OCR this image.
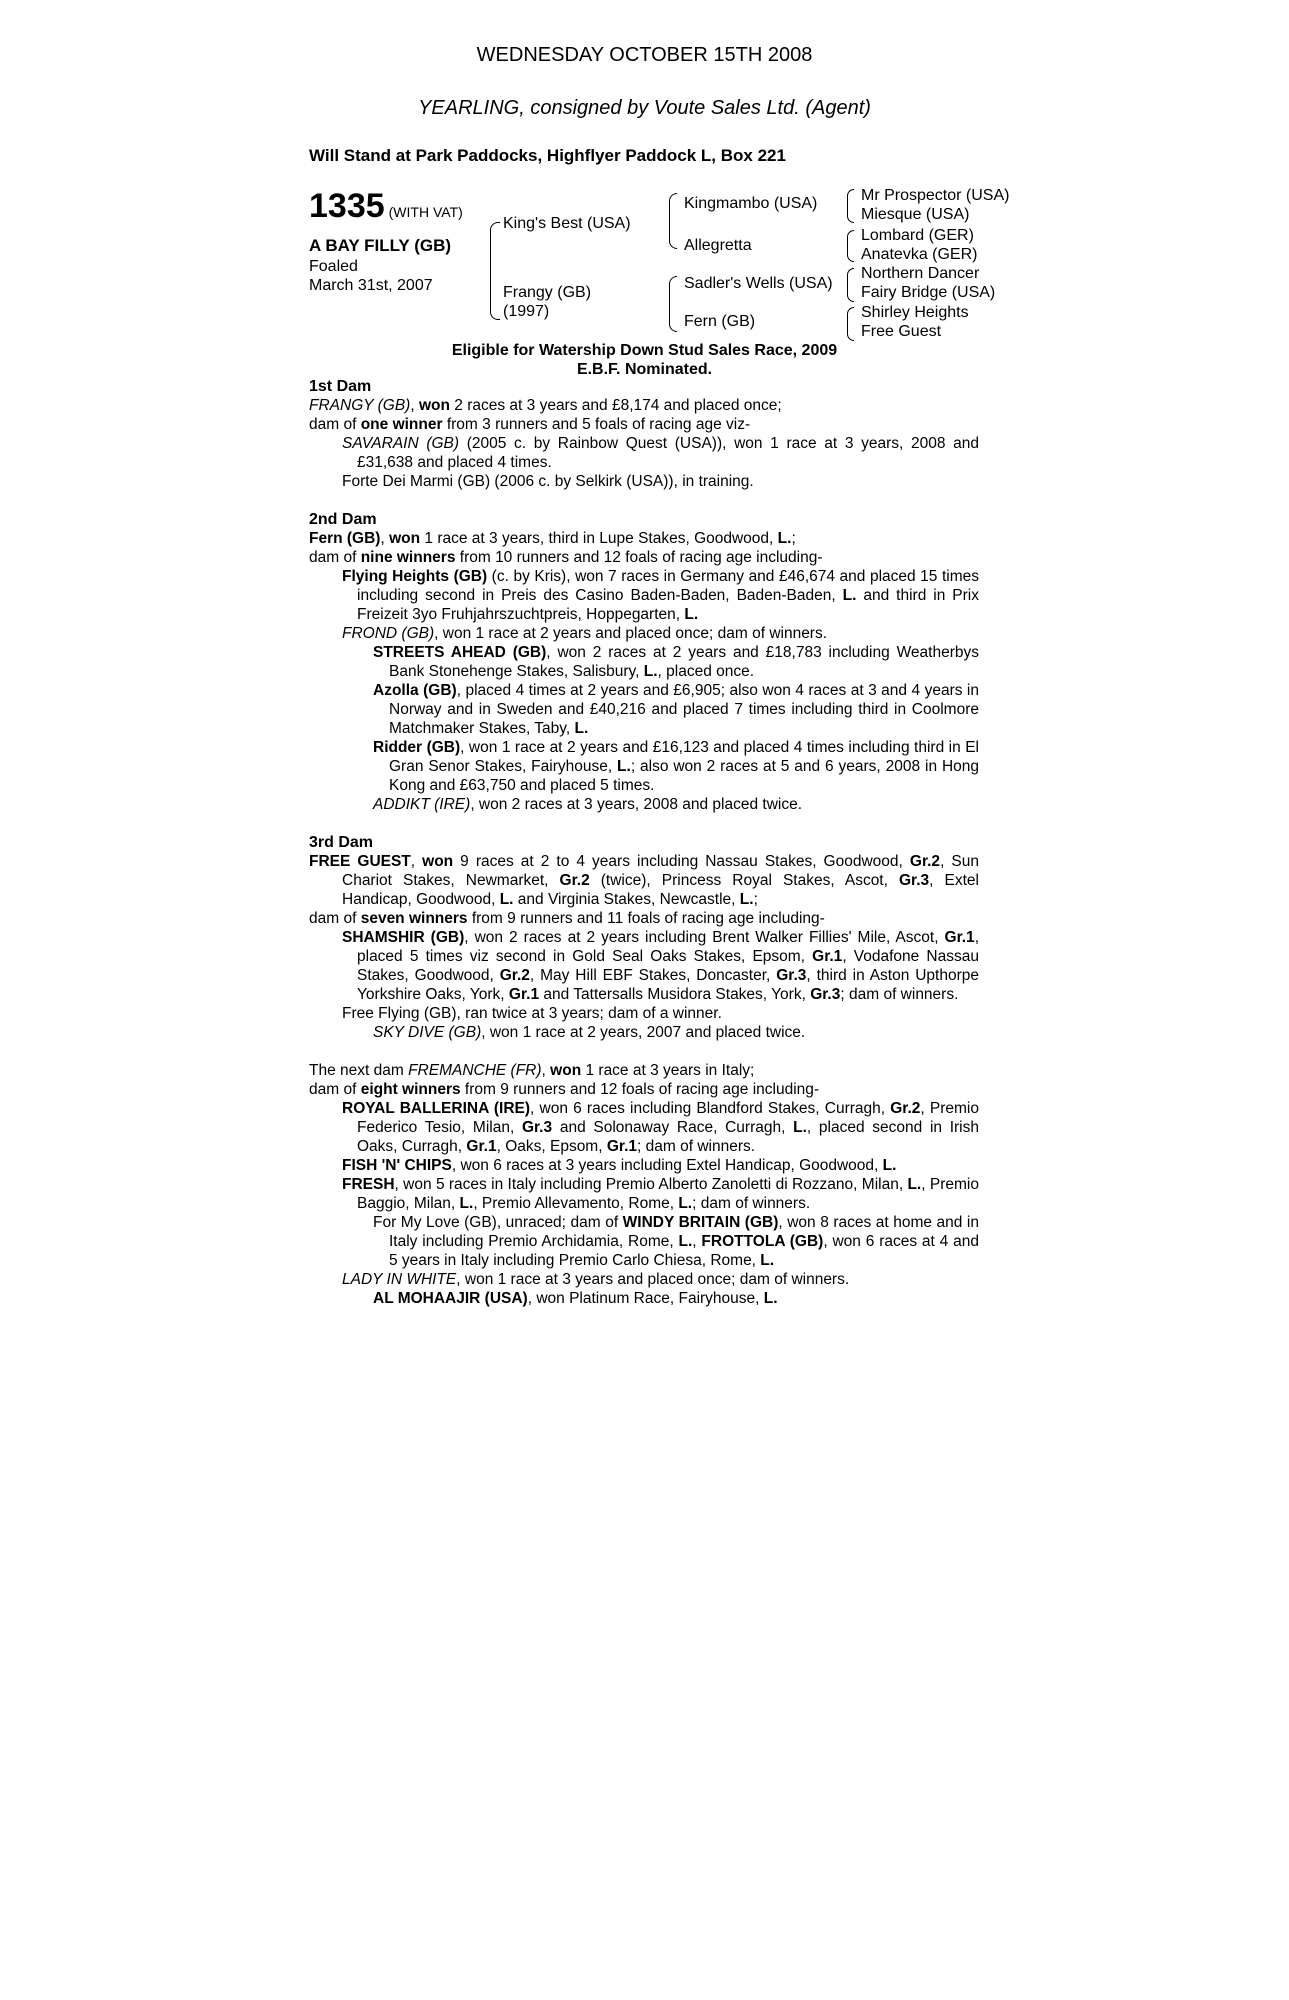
WEDNESDAY OCTOBER 15TH 2008
YEARLING, consigned by Voute Sales Ltd. (Agent)
Will Stand at Park Paddocks, Highflyer Paddock L, Box 221
1335 (WITH VAT)
A BAY FILLY (GB)
Foaled
March 31st, 2007
King's Best (USA)
Frangy (GB)
(1997)
Kingmambo (USA)
Allegretta
Sadler's Wells (USA)
Fern (GB)
Mr Prospector (USA)
Miesque (USA)
Lombard (GER)
Anatevka (GER)
Northern Dancer
Fairy Bridge (USA)
Shirley Heights
Free Guest
Eligible for Watership Down Stud Sales Race, 2009
E.B.F. Nominated.

1st Dam

FRANGY (GB), won 2 races at 3 years and £8,174 and placed once;

dam of one winner from 3 runners and 5 foals of racing age viz-

SAVARAIN (GB) (2005 c. by Rainbow Quest (USA)), won 1 race at 3 years, 2008 and £31,638 and placed 4 times.

Forte Dei Marmi (GB) (2006 c. by Selkirk (USA)), in training.

2nd Dam

Fern (GB), won 1 race at 3 years, third in Lupe Stakes, Goodwood, L.;

dam of nine winners from 10 runners and 12 foals of racing age including-

Flying Heights (GB) (c. by Kris), won 7 races in Germany and £46,674 and placed 15 times including second in Preis des Casino Baden-Baden, Baden-Baden, L. and third in Prix Freizeit 3yo Fruhjahrszuchtpreis, Hoppegarten, L.

FROND (GB), won 1 race at 2 years and placed once; dam of winners.

STREETS AHEAD (GB), won 2 races at 2 years and £18,783 including Weatherbys Bank Stonehenge Stakes, Salisbury, L., placed once.

Azolla (GB), placed 4 times at 2 years and £6,905; also won 4 races at 3 and 4 years in Norway and in Sweden and £40,216 and placed 7 times including third in Coolmore Matchmaker Stakes, Taby, L.

Ridder (GB), won 1 race at 2 years and £16,123 and placed 4 times including third in El Gran Senor Stakes, Fairyhouse, L.; also won 2 races at 5 and 6 years, 2008 in Hong Kong and £63,750 and placed 5 times.

ADDIKT (IRE), won 2 races at 3 years, 2008 and placed twice.

3rd Dam

FREE GUEST, won 9 races at 2 to 4 years including Nassau Stakes, Goodwood, Gr.2, Sun Chariot Stakes, Newmarket, Gr.2 (twice), Princess Royal Stakes, Ascot, Gr.3, Extel Handicap, Goodwood, L. and Virginia Stakes, Newcastle, L.;

dam of seven winners from 9 runners and 11 foals of racing age including-

SHAMSHIR (GB), won 2 races at 2 years including Brent Walker Fillies' Mile, Ascot, Gr.1, placed 5 times viz second in Gold Seal Oaks Stakes, Epsom, Gr.1, Vodafone Nassau Stakes, Goodwood, Gr.2, May Hill EBF Stakes, Doncaster, Gr.3, third in Aston Upthorpe Yorkshire Oaks, York, Gr.1 and Tattersalls Musidora Stakes, York, Gr.3; dam of winners.

Free Flying (GB), ran twice at 3 years; dam of a winner.

SKY DIVE (GB), won 1 race at 2 years, 2007 and placed twice.

The next dam FREMANCHE (FR), won 1 race at 3 years in Italy;

dam of eight winners from 9 runners and 12 foals of racing age including-

ROYAL BALLERINA (IRE), won 6 races including Blandford Stakes, Curragh, Gr.2, Premio Federico Tesio, Milan, Gr.3 and Solonaway Race, Curragh, L., placed second in Irish Oaks, Curragh, Gr.1, Oaks, Epsom, Gr.1; dam of winners.

FISH 'N' CHIPS, won 6 races at 3 years including Extel Handicap, Goodwood, L.

FRESH, won 5 races in Italy including Premio Alberto Zanoletti di Rozzano, Milan, L., Premio Baggio, Milan, L., Premio Allevamento, Rome, L.; dam of winners.

For My Love (GB), unraced; dam of WINDY BRITAIN (GB), won 8 races at home and in Italy including Premio Archidamia, Rome, L., FROTTOLA (GB), won 6 races at 4 and 5 years in Italy including Premio Carlo Chiesa, Rome, L.

LADY IN WHITE, won 1 race at 3 years and placed once; dam of winners.

AL MOHAAJIR (USA), won Platinum Race, Fairyhouse, L.
